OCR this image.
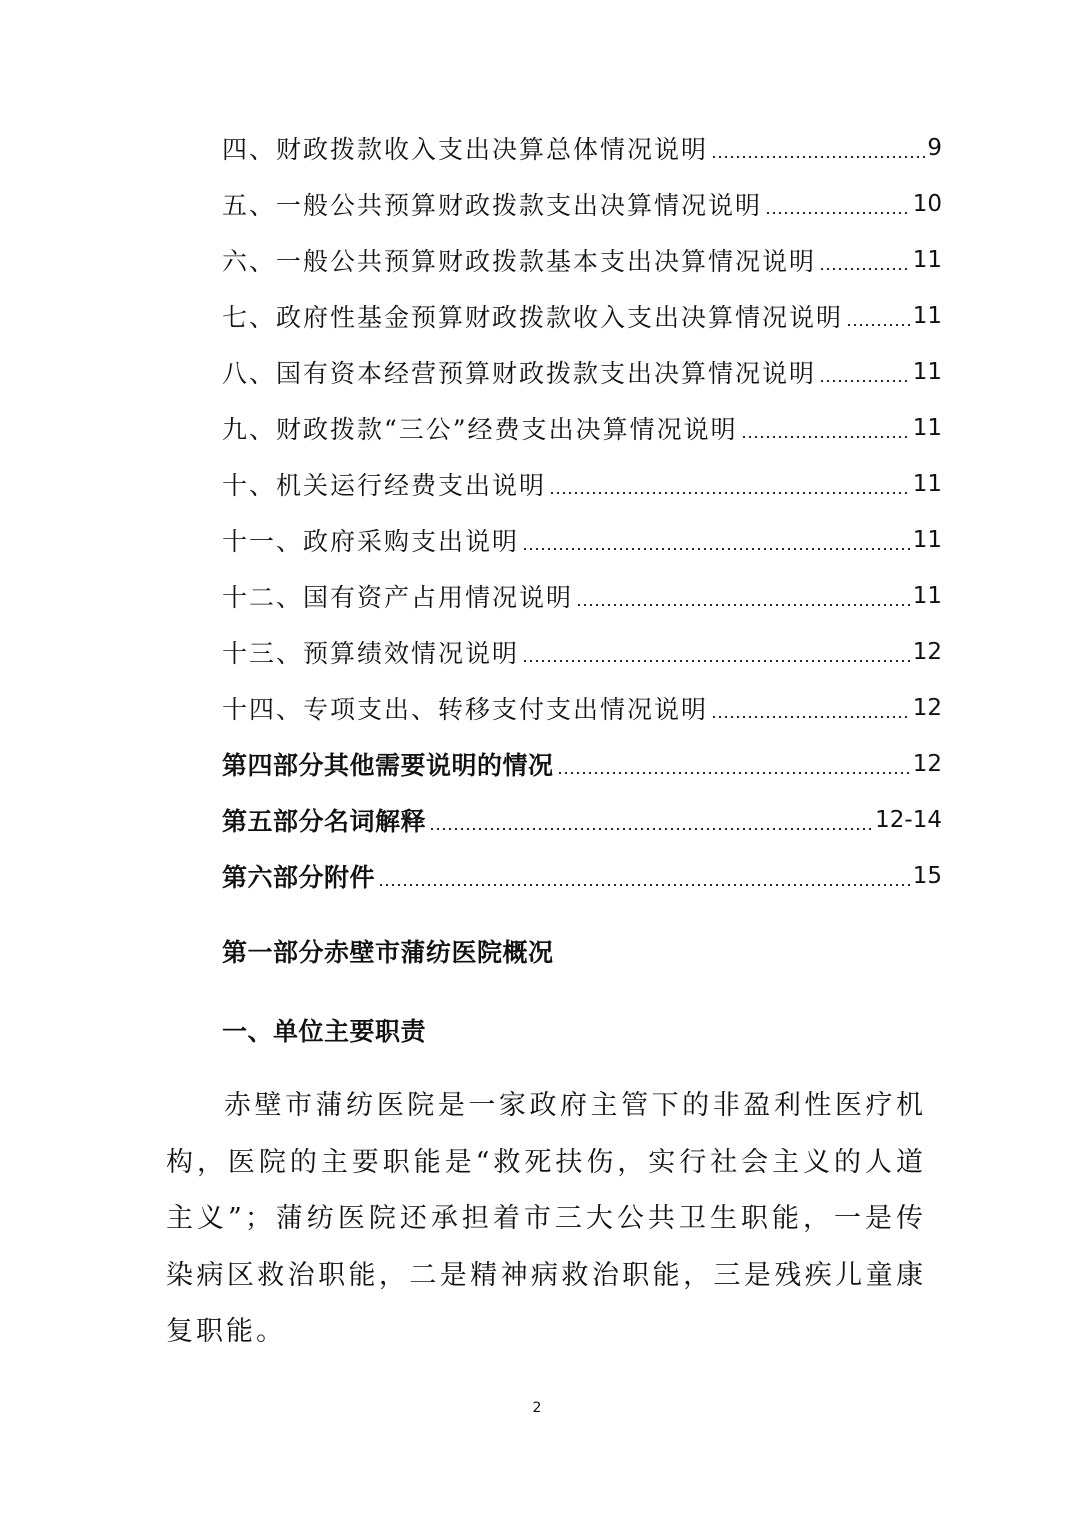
四、财政拨款收入支出决算总体情况说明	9
五、一般公共预算财政拨款支出决算情况说明	10
六、一般公共预算财政拨款基本支出决算情况说明	11
七、政府性基金预算财政拨款收入支出决算情况说明	11
八、国有资本经营预算财政拨款支出决算情况说明	11
九、财政拨款“三公”经费支出决算情况说明	11
十、机关运行经费支出说明	11
十一、政府采购支出说明	11
十二、国有资产占用情况说明	11
十三、预算绩效情况说明	12
十四、专项支出、转移支付支出情况说明	12
第四部分其他需要说明的情况	12
第五部分名词解释	12-14
第六部分附件	15
第一部分赤壁市蒲纺医院概况
一、单位主要职责

赤壁市蒲纺医院是一家政府主管下的非盈利性医疗机构，医院的主要职能是“救死扶伤，实行社会主义的人道主义”；蒲纺医院还承担着市三大公共卫生职能，一是传染病区救治职能，二是精神病救治职能，三是残疾儿童康复职能。

2
